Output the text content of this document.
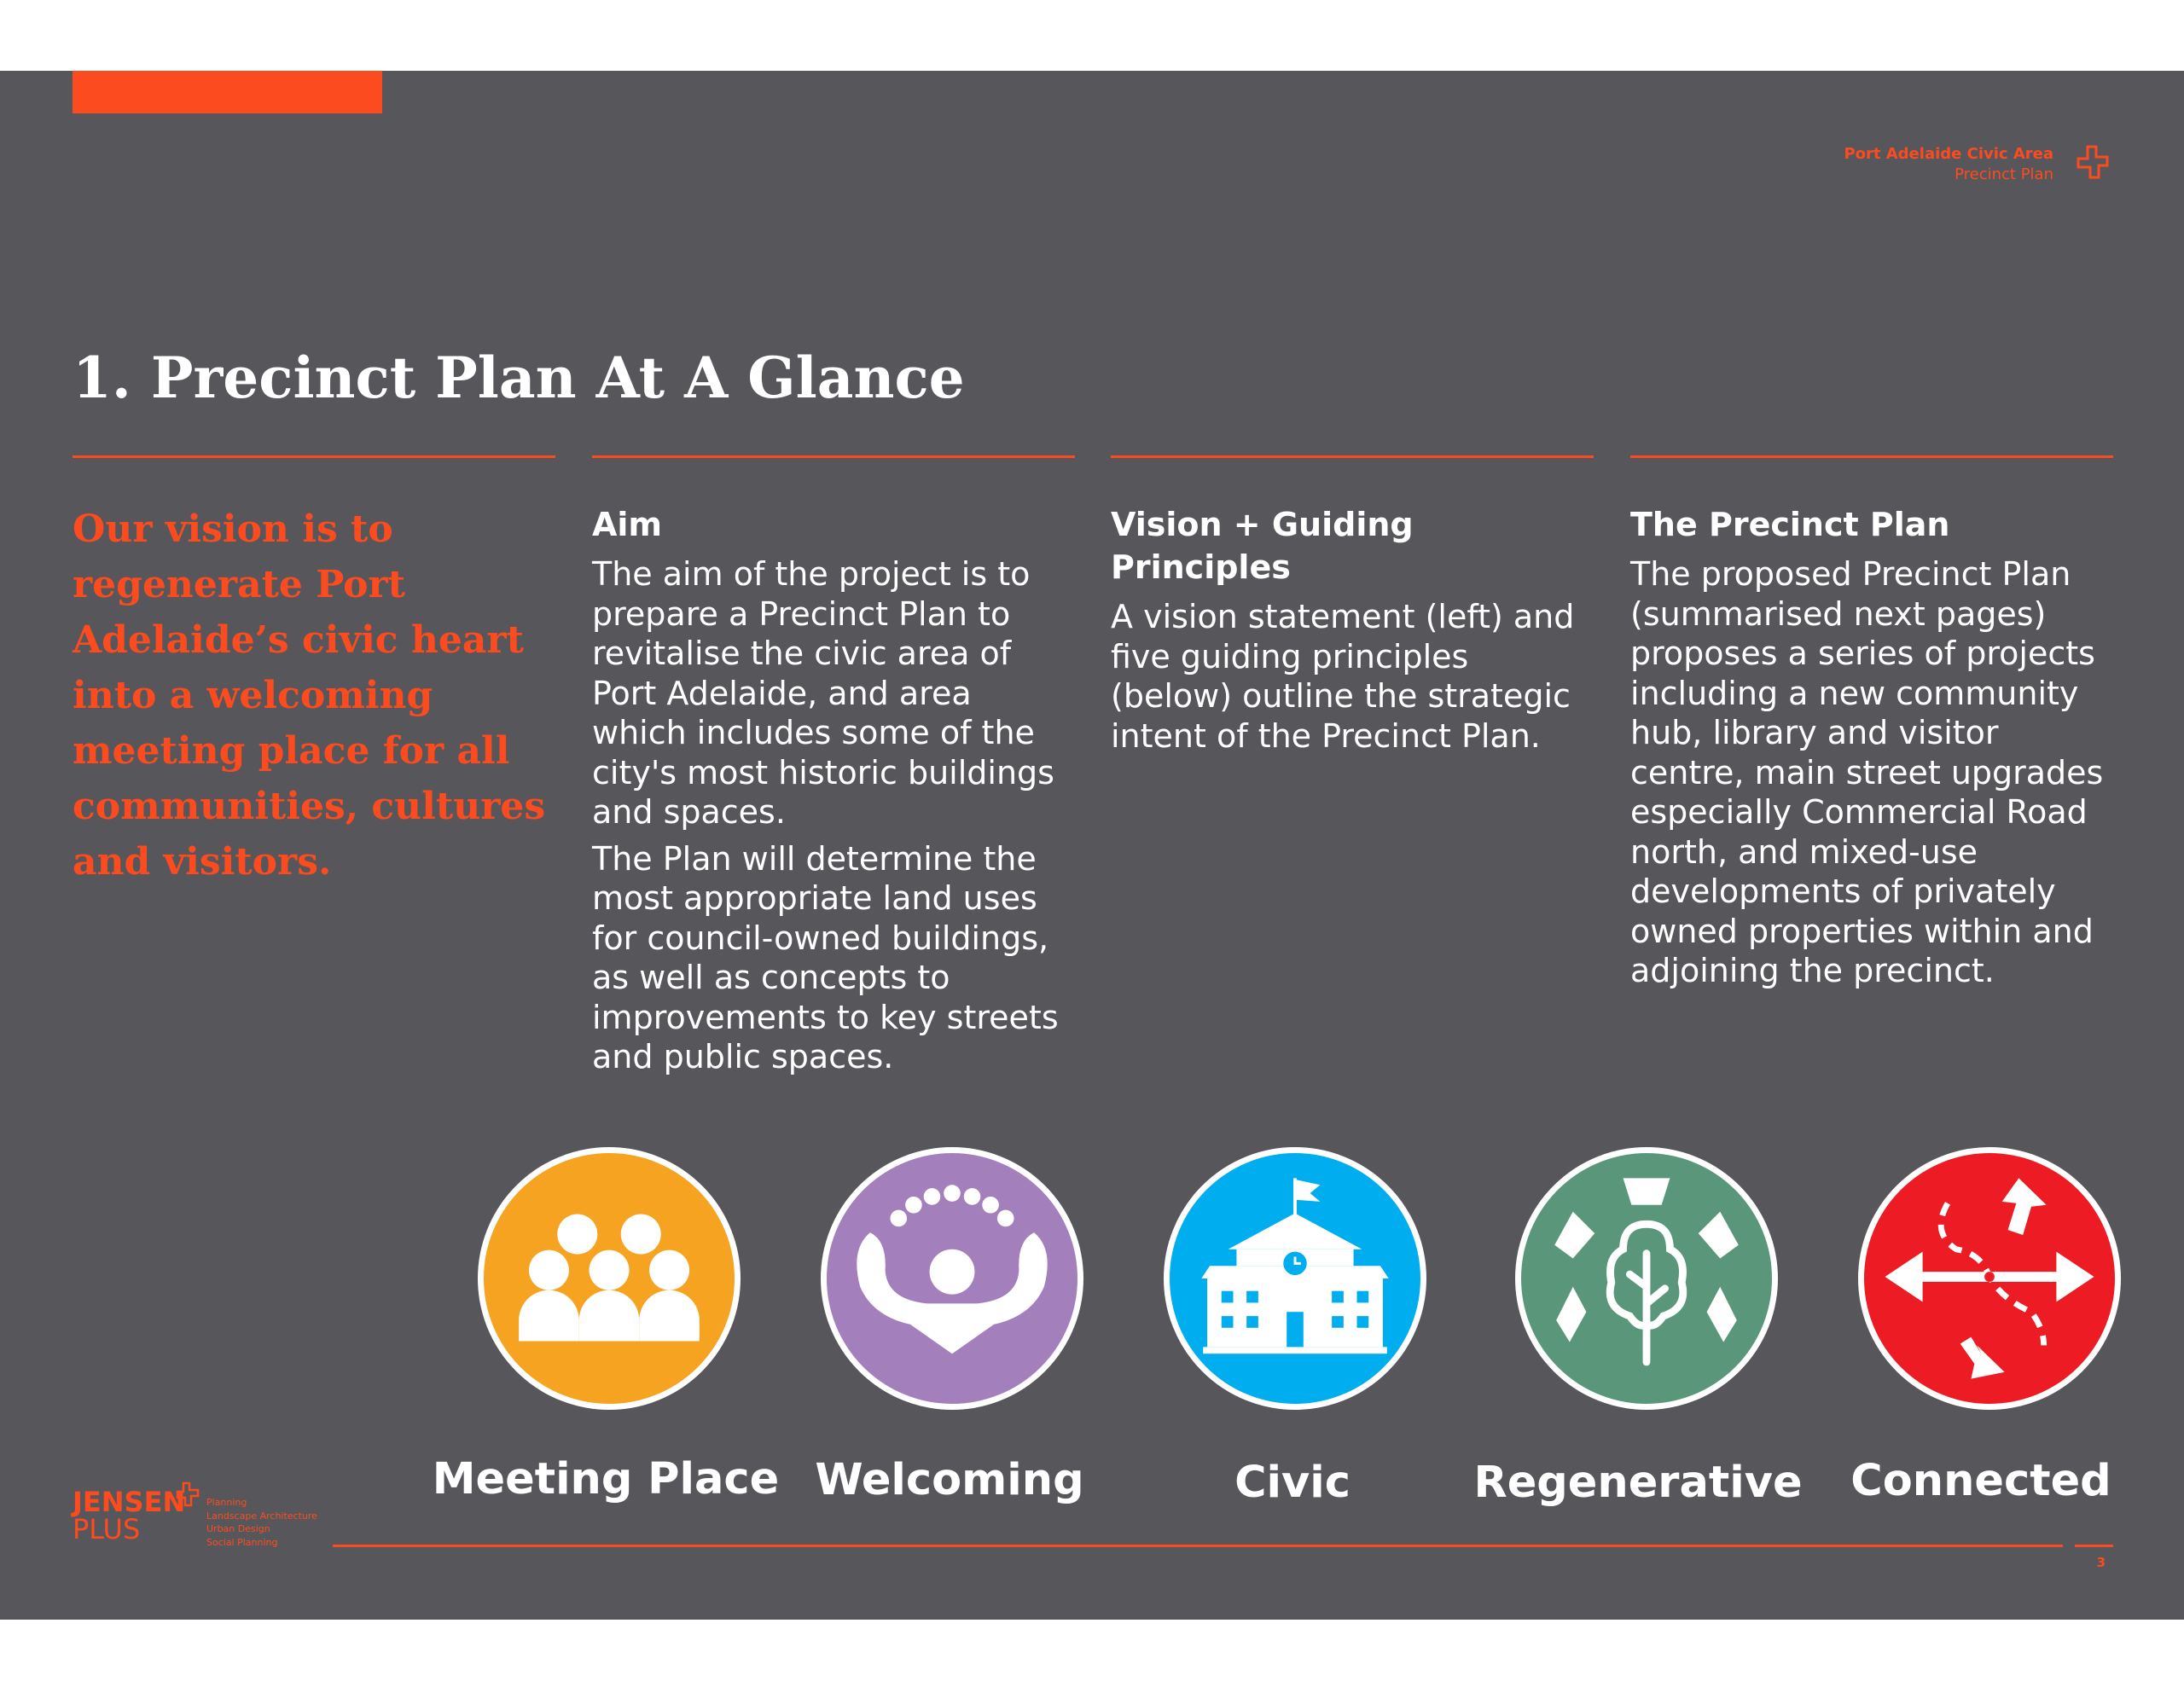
Port Adelaide Civic Area
Precinct Plan
1. Precinct Plan At A Glance

Our vision is to regenerate Port Adelaide’s civic heart into a welcoming meeting place for all communities, cultures and visitors.

Aim

The aim of the project is to prepare a Precinct Plan to revitalise the civic area of Port Adelaide, and area which includes some of the city's most historic buildings and spaces.

The Plan will determine the most appropriate land uses for council-owned buildings, as well as concepts to improvements to key streets and public spaces.

Vision + Guiding Principles

A vision statement (left) and five guiding principles (below) outline the strategic intent of the Precinct Plan.

The Precinct Plan

The proposed Precinct Plan (summarised next pages) proposes a series of projects including a new community hub, library and visitor centre, main street upgrades especially Commercial Road north, and mixed-use developments of privately owned properties within and adjoining the precinct.

Meeting Place Welcoming	Civic	Regenerative	Connected
JENSEN
PLUS
Planning
Landscape Architecture
Urban Design
Social Planning
3
